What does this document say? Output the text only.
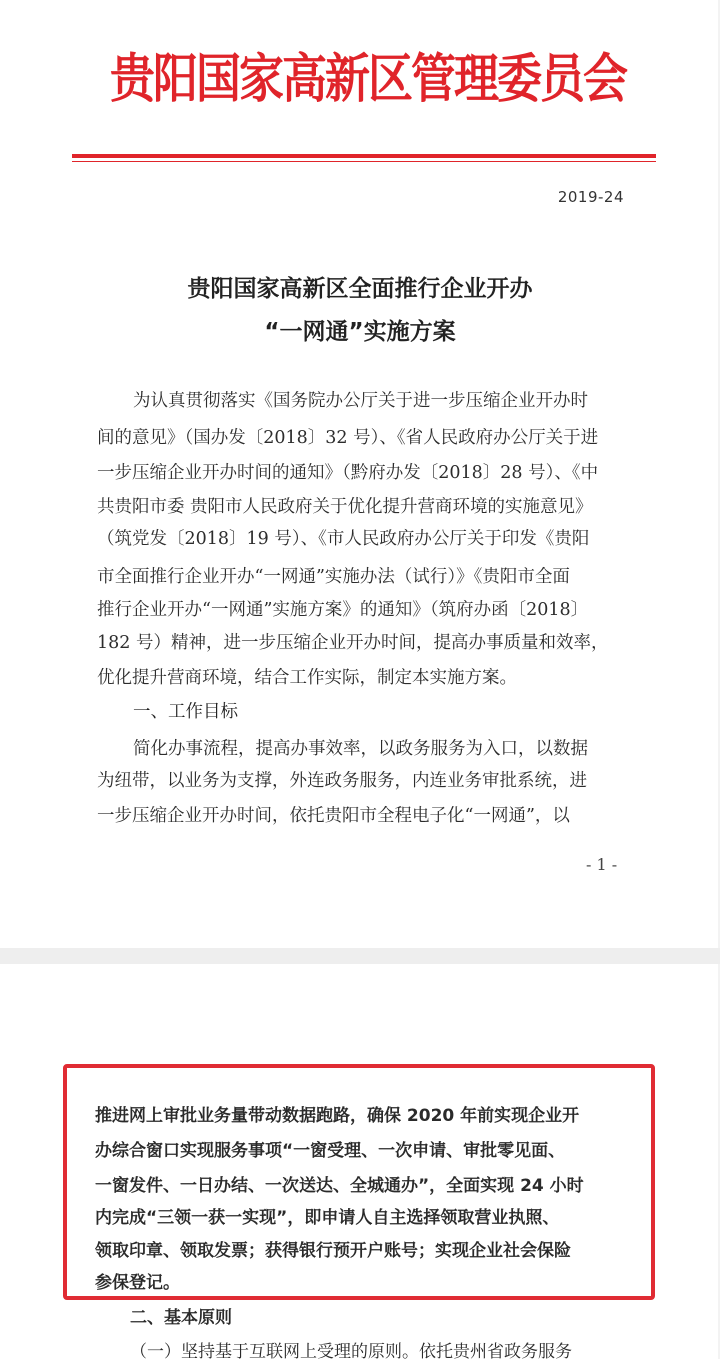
贵阳国家高新区管理委员会
2019-24
贵阳国家高新区全面推行企业开办
“一网通”实施方案
为认真贯彻落实《国务院办公厅关于进一步压缩企业开办时
间的意见》（国办发〔2018〕32 号）、《省人民政府办公厅关于进
一步压缩企业开办时间的通知》（黔府办发〔2018〕28 号）、《中
共贵阳市委 贵阳市人民政府关于优化提升营商环境的实施意见》
（筑党发〔2018〕19 号）、《市人民政府办公厅关于印发《贵阳
市全面推行企业开办“一网通”实施办法（试行）》《贵阳市全面
推行企业开办“一网通”实施方案》的通知》（筑府办函〔2018〕
182 号）精神，进一步压缩企业开办时间，提高办事质量和效率，
优化提升营商环境，结合工作实际，制定本实施方案。
一、工作目标
简化办事流程，提高办事效率，以政务服务为入口，以数据
为纽带，以业务为支撑，外连政务服务，内连业务审批系统，进
一步压缩企业开办时间，依托贵阳市全程电子化“一网通”，以
- 1 -
推进网上审批业务量带动数据跑路，确保 2020 年前实现企业开
办综合窗口实现服务事项“一窗受理、一次申请、审批零见面、
一窗发件、一日办结、一次送达、全城通办”，全面实现 24 小时
内完成“三领一获一实现”，即申请人自主选择领取营业执照、
领取印章、领取发票；获得银行预开户账号；实现企业社会保险
参保登记。
二、基本原则
（一）坚持基于互联网上受理的原则。依托贵州省政务服务
